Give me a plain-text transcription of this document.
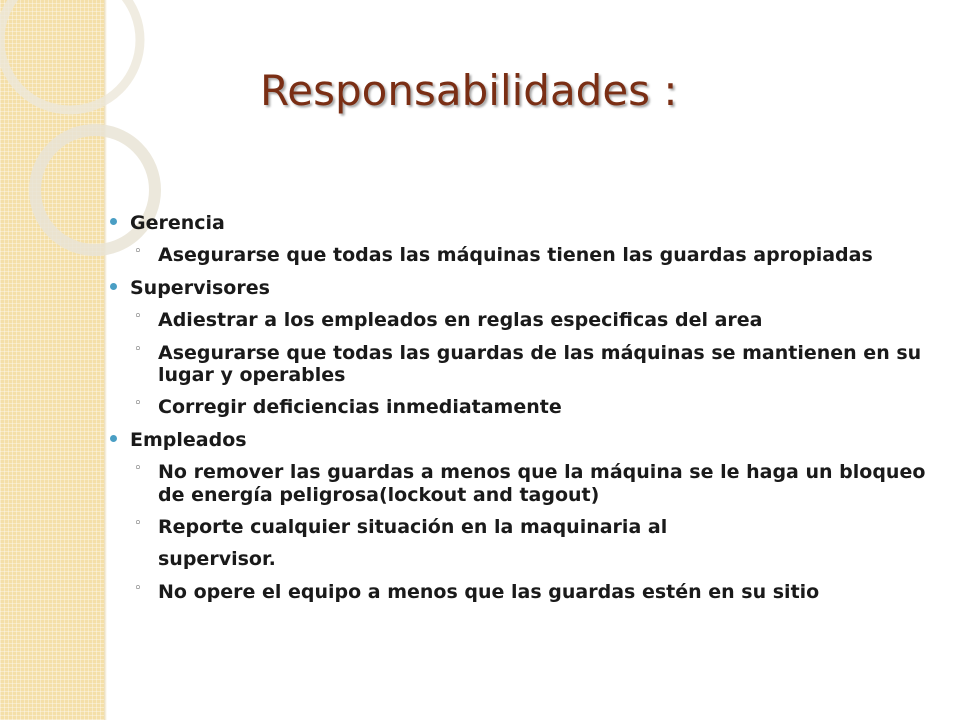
Responsabilidades :
Gerencia
◦ Asegurarse que todas las máquinas tienen las guardas apropiadas
Supervisores
◦ Adiestrar a los empleados en reglas especificas del area
◦ Asegurarse que todas las guardas de las máquinas se mantienen en su lugar y operables
◦ Corregir deficiencias inmediatamente
Empleados
◦ No remover las guardas a menos que la máquina se le haga un bloqueo de energía peligrosa(lockout and tagout)
◦ Reporte cualquier situación en la maquinaria al
supervisor.
◦ No opere el equipo a menos que las guardas estén en su sitio
